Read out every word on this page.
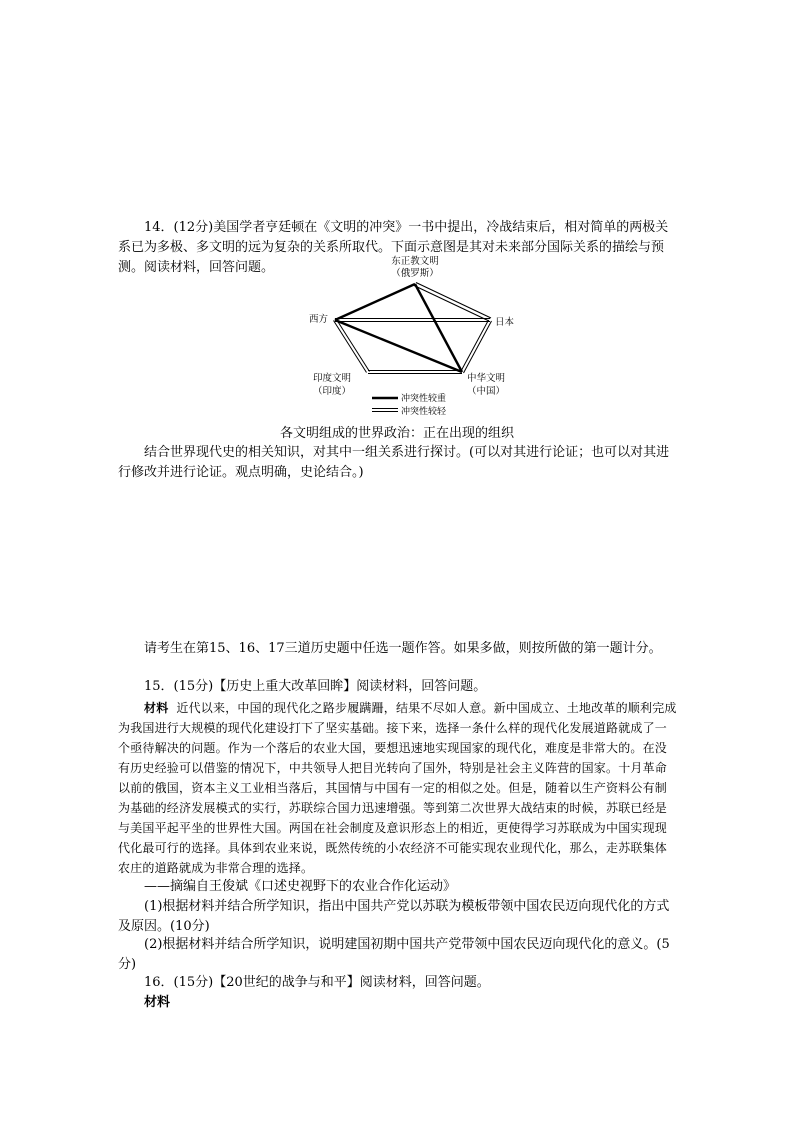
14．(12分)美国学者亨廷顿在《文明的冲突》一书中提出，冷战结束后，相对简单的两极关系已为多极、多文明的远为复杂的关系所取代。下面示意图是其对未来部分国际关系的描绘与预测。阅读材料，回答问题。	东正教文明
（俄罗斯）
西方	日本
印度文明
（印度）
中华文明
（中国）
冲突性较重
冲突性较轻

各文明组成的世界政治：正在出现的组织

结合世界现代史的相关知识，对其中一组关系进行探讨。(可以对其进行论证；也可以对其进行修改并进行论证。观点明确，史论结合。)

请考生在第15、16、17三道历史题中任选一题作答。如果多做，则按所做的第一题计分。

15．(15分)【历史上重大改革回眸】阅读材料，回答问题。

材料 近代以来，中国的现代化之路步履蹒跚，结果不尽如人意。新中国成立、土地改革的顺利完成为我国进行大规模的现代化建设打下了坚实基础。接下来，选择一条什么样的现代化发展道路就成了一个亟待解决的问题。作为一个落后的农业大国，要想迅速地实现国家的现代化，难度是非常大的。在没有历史经验可以借鉴的情况下，中共领导人把目光转向了国外，特别是社会主义阵营的国家。十月革命以前的俄国，资本主义工业相当落后，其国情与中国有一定的相似之处。但是，随着以生产资料公有制为基础的经济发展模式的实行，苏联综合国力迅速增强。等到第二次世界大战结束的时候，苏联已经是与美国平起平坐的世界性大国。两国在社会制度及意识形态上的相近，更使得学习苏联成为中国实现现代化最可行的选择。具体到农业来说，既然传统的小农经济不可能实现农业现代化，那么，走苏联集体农庄的道路就成为非常合理的选择。

——摘编自王俊斌《口述史视野下的农业合作化运动》

(1)根据材料并结合所学知识，指出中国共产党以苏联为模板带领中国农民迈向现代化的方式及原因。(10分)

(2)根据材料并结合所学知识，说明建国初期中国共产党带领中国农民迈向现代化的意义。(5分)

16．(15分)【20世纪的战争与和平】阅读材料，回答问题。

材料
